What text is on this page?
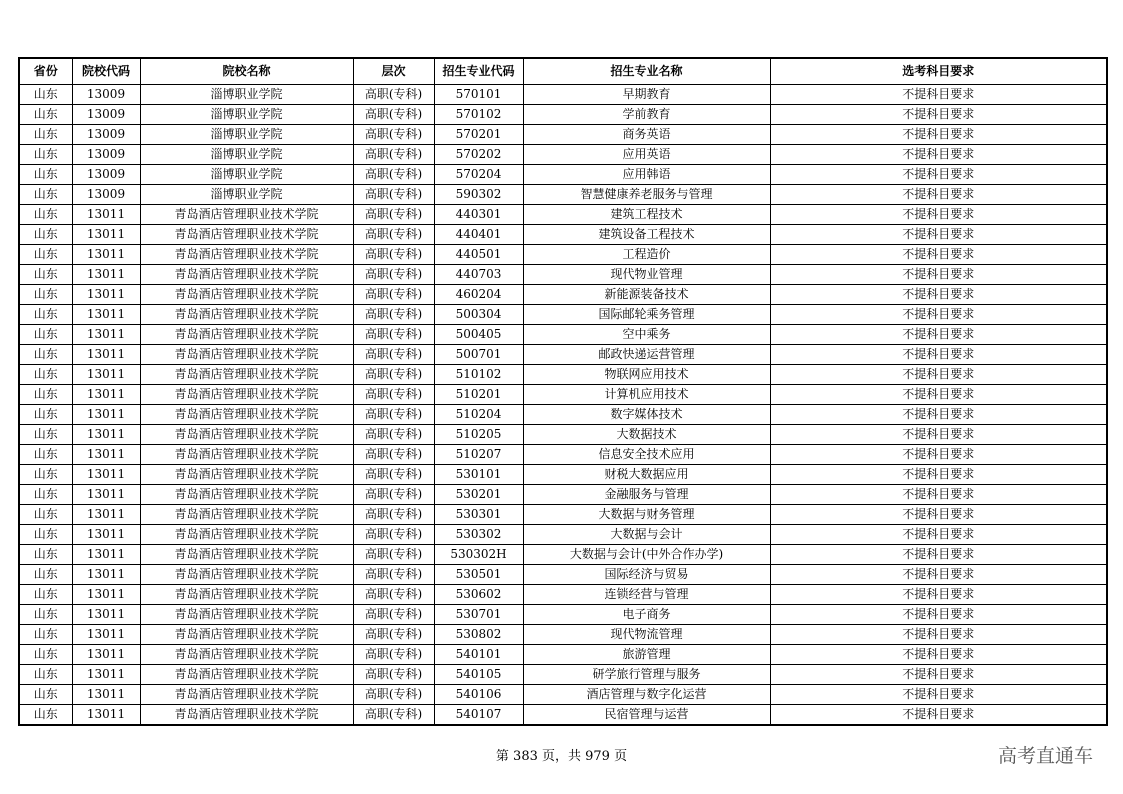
省份	院校代码	院校名称	层次	招生专业代码	招生专业名称	选考科目要求
山东	13009	淄博职业学院	高职(专科)	570101	早期教育	不提科目要求
山东	13009	淄博职业学院	高职(专科)	570102	学前教育	不提科目要求
山东	13009	淄博职业学院	高职(专科)	570201	商务英语	不提科目要求
山东	13009	淄博职业学院	高职(专科)	570202	应用英语	不提科目要求
山东	13009	淄博职业学院	高职(专科)	570204	应用韩语	不提科目要求
山东	13009	淄博职业学院	高职(专科)	590302	智慧健康养老服务与管理	不提科目要求
山东	13011	青岛酒店管理职业技术学院	高职(专科)	440301	建筑工程技术	不提科目要求
山东	13011	青岛酒店管理职业技术学院	高职(专科)	440401	建筑设备工程技术	不提科目要求
山东	13011	青岛酒店管理职业技术学院	高职(专科)	440501	工程造价	不提科目要求
山东	13011	青岛酒店管理职业技术学院	高职(专科)	440703	现代物业管理	不提科目要求
山东	13011	青岛酒店管理职业技术学院	高职(专科)	460204	新能源装备技术	不提科目要求
山东	13011	青岛酒店管理职业技术学院	高职(专科)	500304	国际邮轮乘务管理	不提科目要求
山东	13011	青岛酒店管理职业技术学院	高职(专科)	500405	空中乘务	不提科目要求
山东	13011	青岛酒店管理职业技术学院	高职(专科)	500701	邮政快递运营管理	不提科目要求
山东	13011	青岛酒店管理职业技术学院	高职(专科)	510102	物联网应用技术	不提科目要求
山东	13011	青岛酒店管理职业技术学院	高职(专科)	510201	计算机应用技术	不提科目要求
山东	13011	青岛酒店管理职业技术学院	高职(专科)	510204	数字媒体技术	不提科目要求
山东	13011	青岛酒店管理职业技术学院	高职(专科)	510205	大数据技术	不提科目要求
山东	13011	青岛酒店管理职业技术学院	高职(专科)	510207	信息安全技术应用	不提科目要求
山东	13011	青岛酒店管理职业技术学院	高职(专科)	530101	财税大数据应用	不提科目要求
山东	13011	青岛酒店管理职业技术学院	高职(专科)	530201	金融服务与管理	不提科目要求
山东	13011	青岛酒店管理职业技术学院	高职(专科)	530301	大数据与财务管理	不提科目要求
山东	13011	青岛酒店管理职业技术学院	高职(专科)	530302	大数据与会计	不提科目要求
山东	13011	青岛酒店管理职业技术学院	高职(专科)	530302H	大数据与会计(中外合作办学)	不提科目要求
山东	13011	青岛酒店管理职业技术学院	高职(专科)	530501	国际经济与贸易	不提科目要求
山东	13011	青岛酒店管理职业技术学院	高职(专科)	530602	连锁经营与管理	不提科目要求
山东	13011	青岛酒店管理职业技术学院	高职(专科)	530701	电子商务	不提科目要求
山东	13011	青岛酒店管理职业技术学院	高职(专科)	530802	现代物流管理	不提科目要求
山东	13011	青岛酒店管理职业技术学院	高职(专科)	540101	旅游管理	不提科目要求
山东	13011	青岛酒店管理职业技术学院	高职(专科)	540105	研学旅行管理与服务	不提科目要求
山东	13011	青岛酒店管理职业技术学院	高职(专科)	540106	酒店管理与数字化运营	不提科目要求
山东	13011	青岛酒店管理职业技术学院	高职(专科)	540107	民宿管理与运营	不提科目要求
第 383 页，共 979 页	高考直通车
